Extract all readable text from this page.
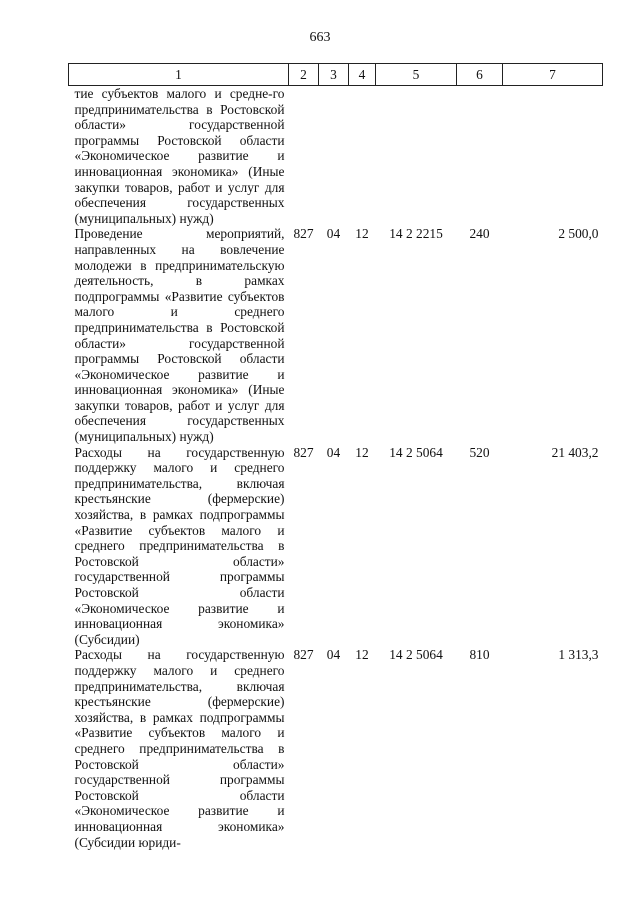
663
1	2	3	4	5	6	7
тие субъектов малого и средне-го предпринимательства в Ростовской области» государственной программы Ростовской области «Экономическое развитие и инновационная экономика» (Иные закупки товаров, работ и услуг для обеспечения государственных (муниципальных) нужд)						
Проведение мероприятий, направленных на вовлечение молодежи в предпринимательскую деятельность, в рамках подпрограммы «Развитие субъектов малого и среднего предпринимательства в Ростовской области» государственной программы Ростовской области «Экономическое развитие и инновационная экономика» (Иные закупки товаров, работ и услуг для обеспечения государственных (муниципальных) нужд)	827	04	12	14 2 2215	240	2 500,0
Расходы на государственную поддержку малого и среднего предпринимательства, включая крестьянские (фермерские) хозяйства, в рамках подпрограммы «Развитие субъектов малого и среднего предпринимательства в Ростовской области» государственной программы Ростовской области «Экономическое развитие и инновационная экономика» (Субсидии)	827	04	12	14 2 5064	520	21 403,2
Расходы на государственную поддержку малого и среднего предпринимательства, включая крестьянские (фермерские) хозяйства, в рамках подпрограммы «Развитие субъектов малого и среднего предпринимательства в Ростовской области» государственной программы Ростовской области «Экономическое развитие и инновационная экономика» (Субсидии юриди-	827	04	12	14 2 5064	810	1 313,3
